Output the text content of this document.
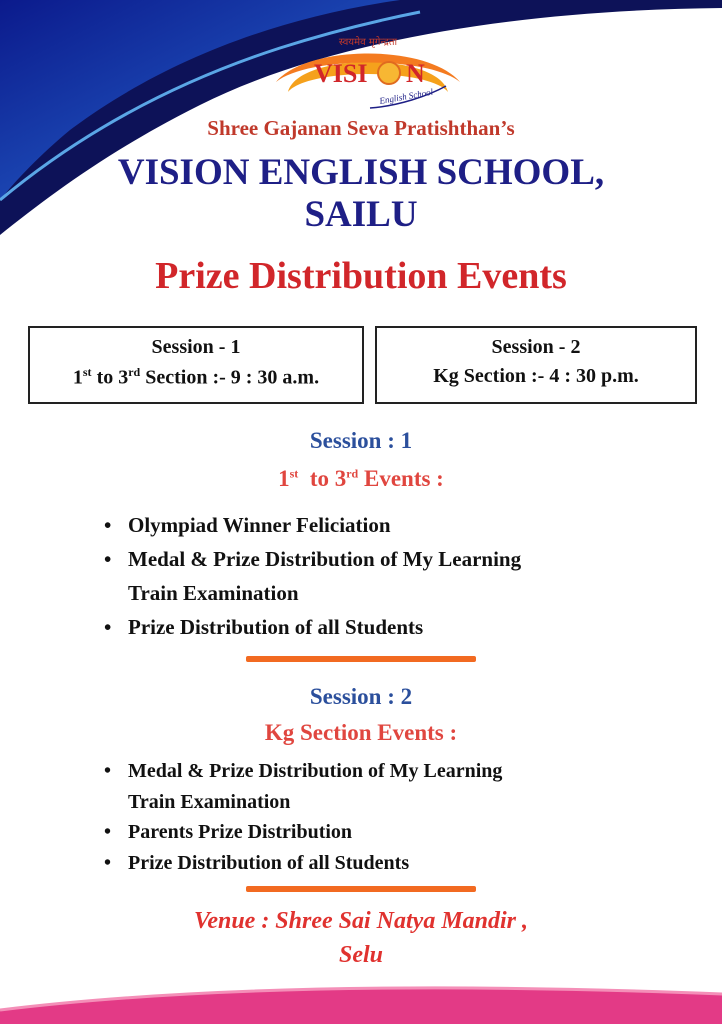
स्वयमेव मृगेन्द्रता
VISI N
English School
Shree Gajanan Seva Pratishthan’s
VISION ENGLISH SCHOOL,
SAILU
Prize Distribution Events
Session - 1
1st to 3rd Section :- 9 : 30 a.m.
Session - 2
Kg Section :- 4 : 30 p.m.
Session : 1
1st  to 3rd Events :
• Olympiad Winner Feliciation
• Medal & Prize Distribution of My Learning
Train Examination
• Prize Distribution of all Students
Session : 2
Kg Section Events :
• Medal & Prize Distribution of My Learning
Train Examination
• Parents Prize Distribution
• Prize Distribution of all Students
Venue : Shree Sai Natya Mandir ,
Selu
